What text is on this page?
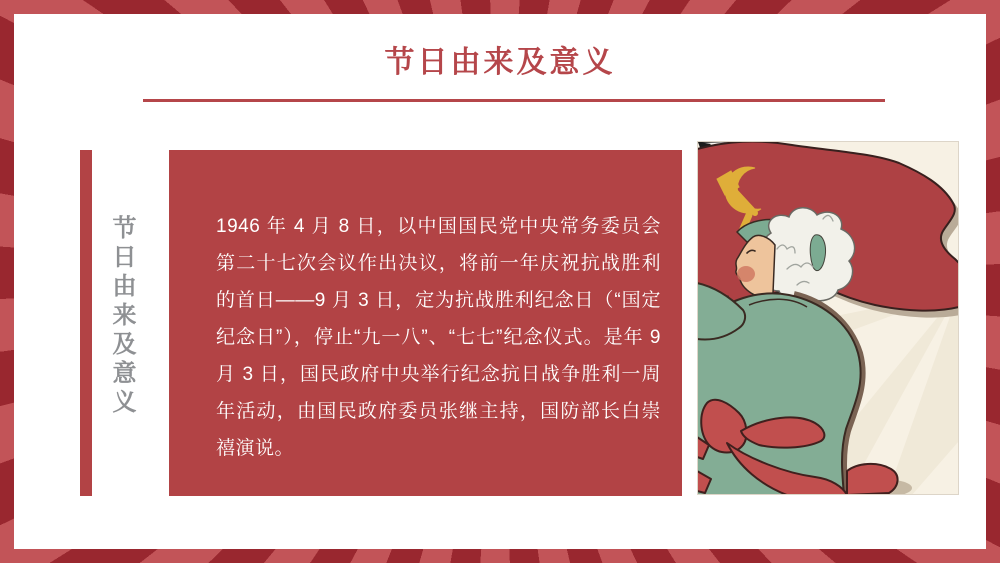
节日由来及意义
节日由来及意义	1946 年 4 月 8 日，以中国国民党中央常务委员会第二十七次会议作出决议，将前一年庆祝抗战胜利的首日——9 月 3 日，定为抗战胜利纪念日（“国定纪念日”），停止“九一八”、“七七”纪念仪式。是年 9 月 3 日，国民政府中央举行纪念抗日战争胜利一周年活动，由国民政府委员张继主持，国防部长白崇禧演说。
